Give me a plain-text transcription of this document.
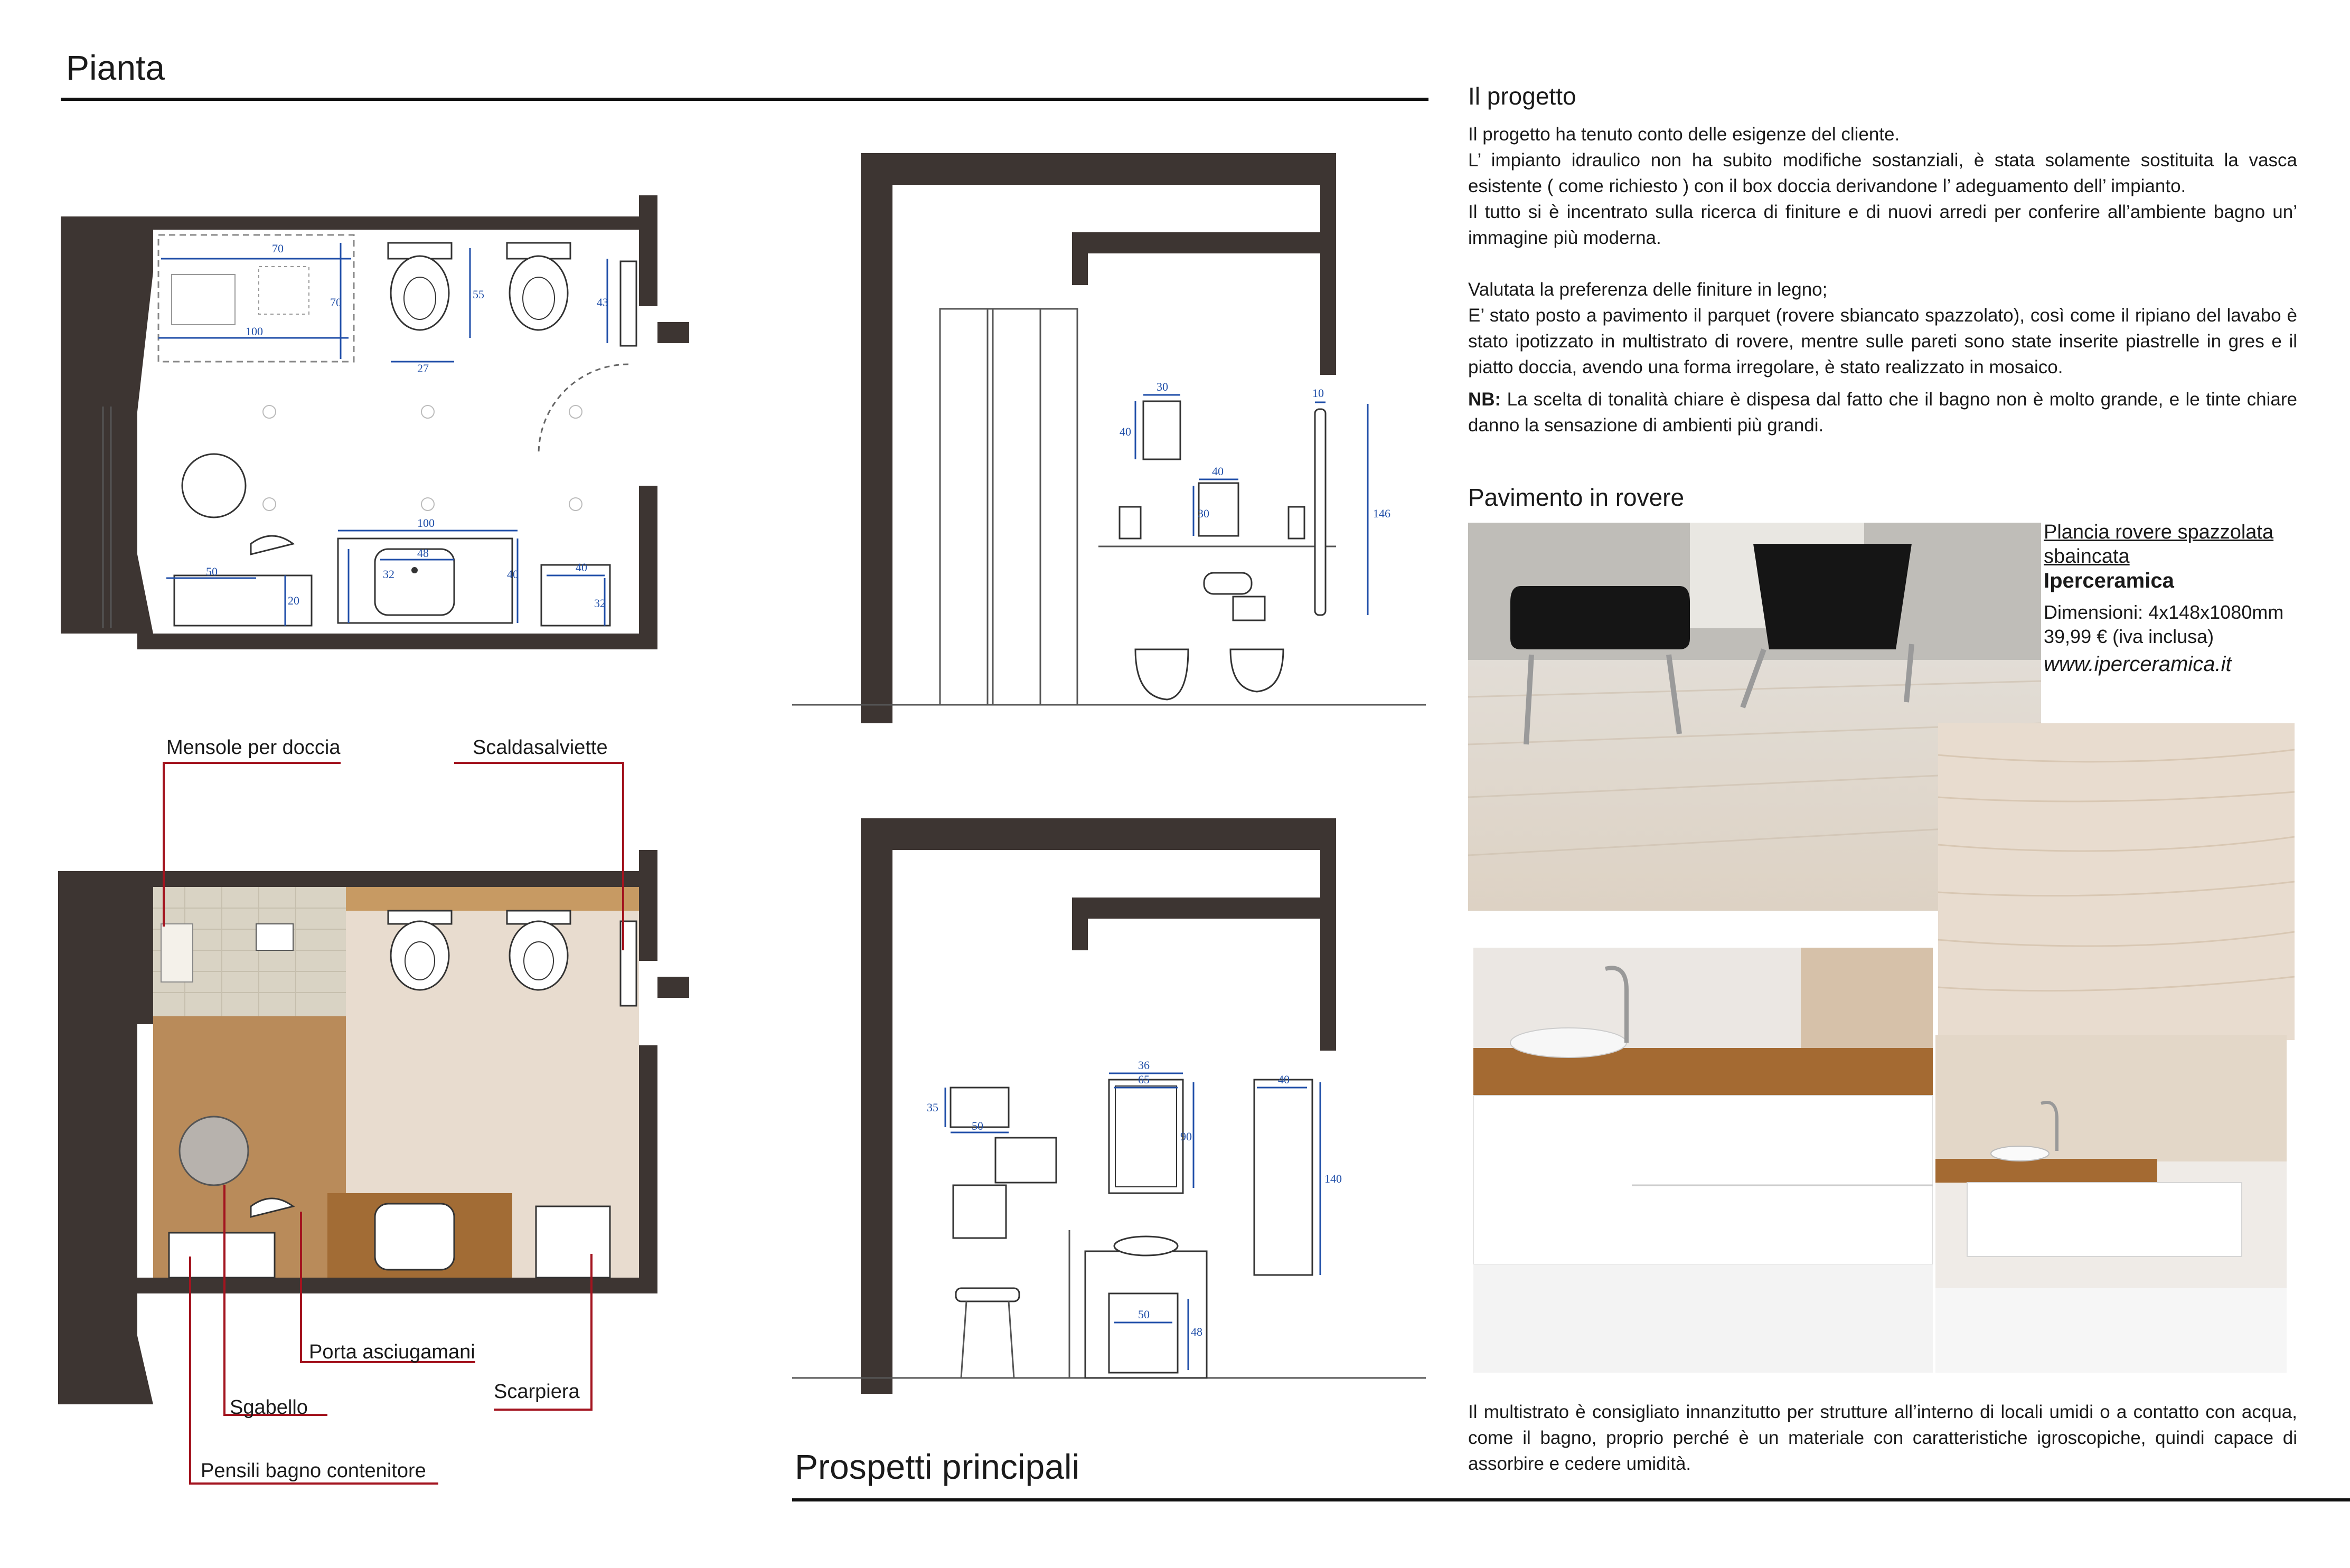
Pianta
70
70
100
55
27
43
100
48
32	40
50
20
40
32
Mensole per doccia	Scaldasalviette
Porta asciugamani
Sgabello
Scarpiera
Pensili bagno contenitore
30
40
40
30
10
146
36
35
50
65
90
40
140
50
48
Prospetti principali
Il progetto
Il progetto ha tenuto conto delle esigenze del cliente.
L’ impianto idraulico non ha subito modifiche sostanziali, è stata solamente sostituita la vasca esistente ( come richiesto ) con il box doccia derivandone l’ adeguamento dell’ impianto.
Il tutto si è incentrato sulla ricerca di finiture e di nuovi arredi per conferire all’ambiente bagno un’ immagine più moderna.
Valutata la preferenza delle finiture in legno;
E’ stato posto a pavimento il parquet (rovere sbiancato spazzolato), così come il ripiano del lavabo è stato ipotizzato in multistrato di rovere, mentre sulle pareti sono state inserite piastrelle in gres e il piatto doccia, avendo una forma irregolare, è stato realizzato in mosaico.
NB: La scelta di tonalità chiare è dispesa dal fatto che il bagno non è molto grande, e le tinte chiare danno la sensazione di ambienti più grandi.
Pavimento in rovere
Plancia rovere spazzolata sbaincata
Iperceramica
Dimensioni: 4x148x1080mm
39,99 € (iva inclusa)
www.iperceramica.it
Il multistrato è consigliato innanzitutto per strutture all’interno di locali umidi o a contatto con acqua, come il bagno, proprio perché è un materiale con caratteristiche igroscopiche, quindi capace di assorbire e cedere umidità.
